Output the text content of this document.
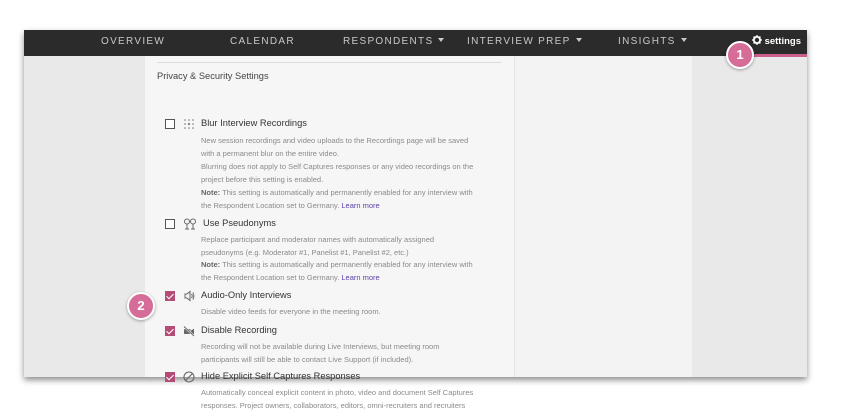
OVERVIEW	CALENDAR	RESPONDENTS	INTERVIEW PREP	INSIGHTS	settings
Privacy & Security Settings
Blur Interview Recordings
New session recordings and video uploads to the Recordings page will be saved
with a permanent blur on the entire video.
Blurring does not apply to Self Captures responses or any video recordings on the
project before this setting is enabled.
Note: This setting is automatically and permanently enabled for any interview with
the Respondent Location set to Germany. Learn more
Use Pseudonyms
Replace participant and moderator names with automatically assigned
pseudonyms (e.g. Moderator #1, Panelist #1, Panelist #2, etc.)
Note: This setting is automatically and permanently enabled for any interview with
the Respondent Location set to Germany. Learn more
Audio-Only Interviews
Disable video feeds for everyone in the meeting room.
Disable Recording
Recording will not be available during Live Interviews, but meeting room
participants will still be able to contact Live Support (if included).
Hide Explicit Self Captures Responses
Automatically conceal explicit content in photo, video and document Self Captures
responses. Project owners, collaborators, editors, omni-recruiters and recruiters
1
2
